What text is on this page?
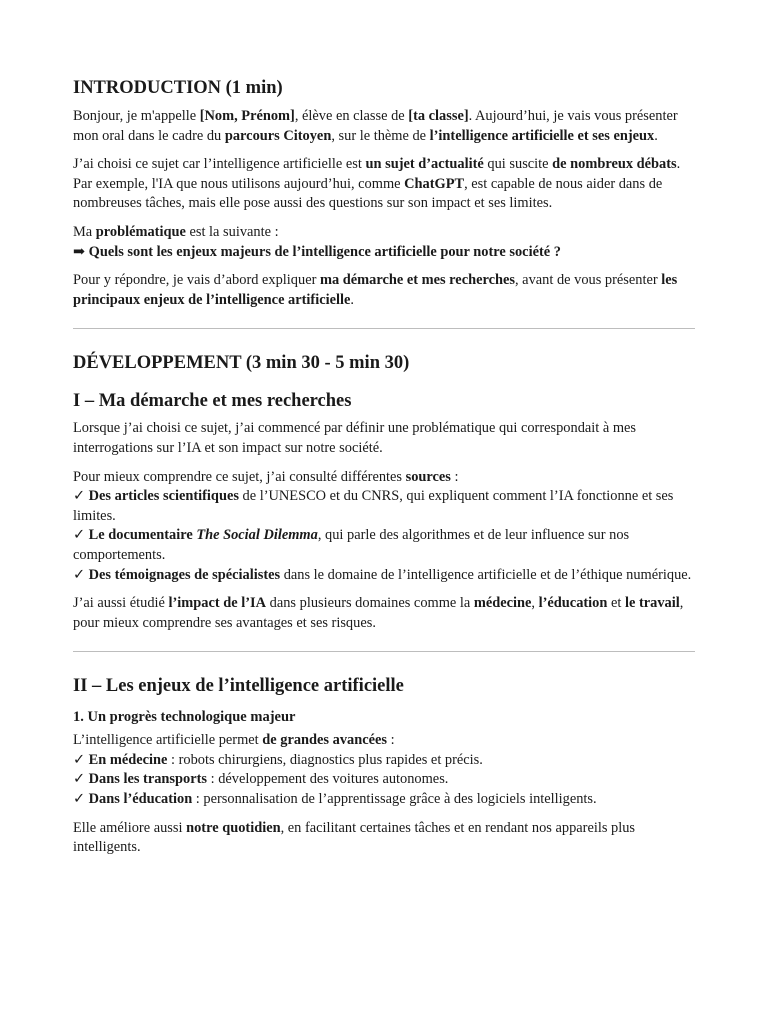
INTRODUCTION (1 min)

Bonjour, je m'appelle [Nom, Prénom], élève en classe de [ta classe]. Aujourd’hui, je vais vous présenter mon oral dans le cadre du parcours Citoyen, sur le thème de l’intelligence artificielle et ses enjeux.

J’ai choisi ce sujet car l’intelligence artificielle est un sujet d’actualité qui suscite de nombreux débats. Par exemple, l'IA que nous utilisons aujourd’hui, comme ChatGPT, est capable de nous aider dans de nombreuses tâches, mais elle pose aussi des questions sur son impact et ses limites.

Ma problématique est la suivante :
➡ Quels sont les enjeux majeurs de l’intelligence artificielle pour notre société ?

Pour y répondre, je vais d’abord expliquer ma démarche et mes recherches, avant de vous présenter les principaux enjeux de l’intelligence artificielle.

DÉVELOPPEMENT (3 min 30 - 5 min 30)
I – Ma démarche et mes recherches

Lorsque j’ai choisi ce sujet, j’ai commencé par définir une problématique qui correspondait à mes interrogations sur l’IA et son impact sur notre société.

Pour mieux comprendre ce sujet, j’ai consulté différentes sources :
✓ Des articles scientifiques de l’UNESCO et du CNRS, qui expliquent comment l’IA fonctionne et ses limites.
✓ Le documentaire The Social Dilemma, qui parle des algorithmes et de leur influence sur nos comportements.
✓ Des témoignages de spécialistes dans le domaine de l’intelligence artificielle et de l’éthique numérique.

J’ai aussi étudié l’impact de l’IA dans plusieurs domaines comme la médecine, l’éducation et le travail, pour mieux comprendre ses avantages et ses risques.

II – Les enjeux de l’intelligence artificielle
1. Un progrès technologique majeur

L’intelligence artificielle permet de grandes avancées :
✓ En médecine : robots chirurgiens, diagnostics plus rapides et précis.
✓ Dans les transports : développement des voitures autonomes.
✓ Dans l’éducation : personnalisation de l’apprentissage grâce à des logiciels intelligents.

Elle améliore aussi notre quotidien, en facilitant certaines tâches et en rendant nos appareils plus intelligents.
